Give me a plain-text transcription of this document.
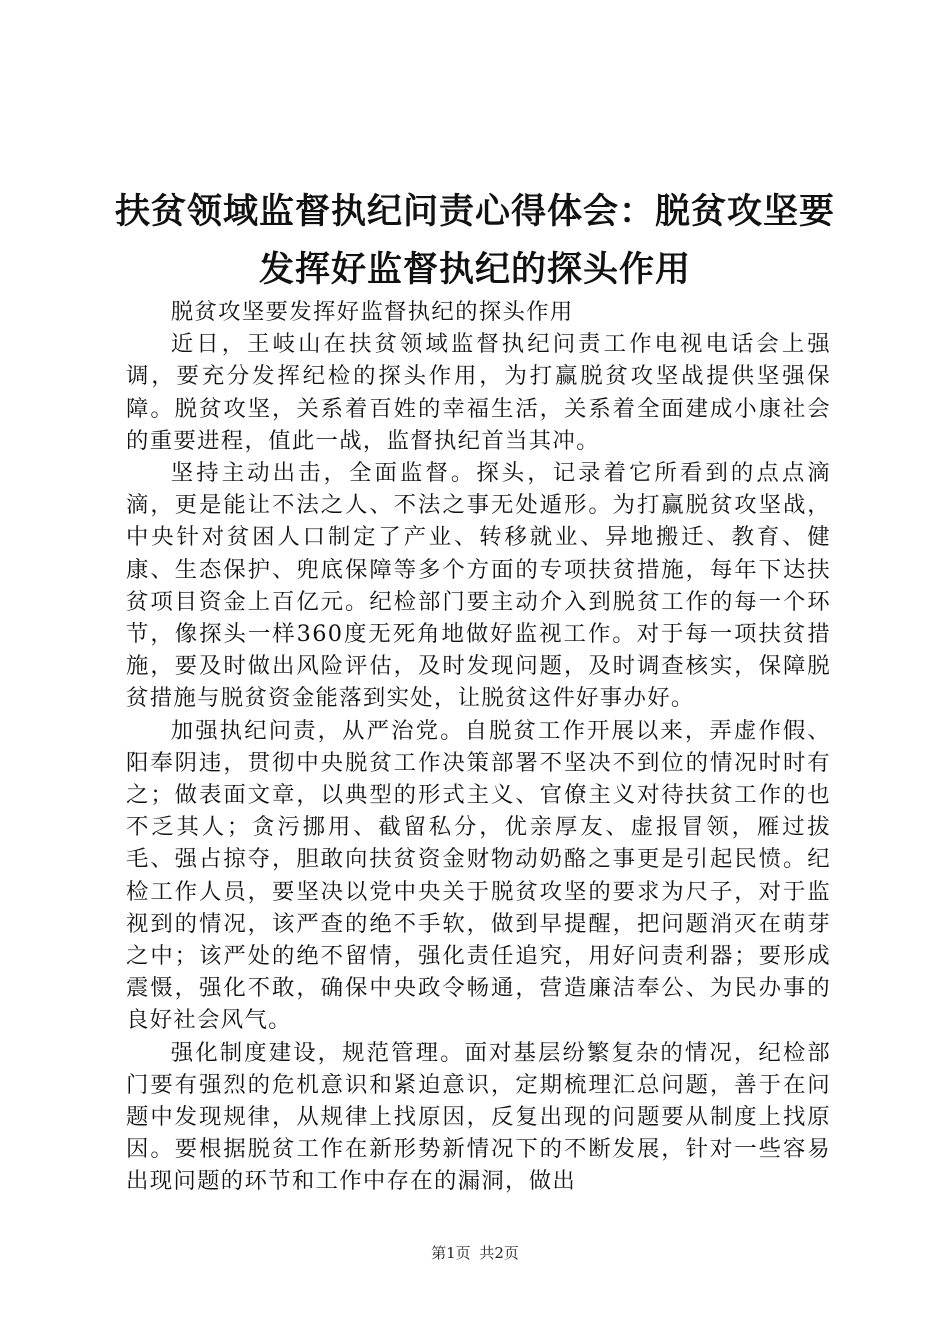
扶贫领域监督执纪问责心得体会：脱贫攻坚要
发挥好监督执纪的探头作用

脱贫攻坚要发挥好监督执纪的探头作用

近日，王岐山在扶贫领域监督执纪问责工作电视电话会上强调，要充分发挥纪检的探头作用，为打赢脱贫攻坚战提供坚强保障。脱贫攻坚，关系着百姓的幸福生活，关系着全面建成小康社会的重要进程，值此一战，监督执纪首当其冲。

坚持主动出击，全面监督。探头，记录着它所看到的点点滴滴，更是能让不法之人、不法之事无处遁形。为打赢脱贫攻坚战，中央针对贫困人口制定了产业、转移就业、异地搬迁、教育、健康、生态保护、兜底保障等多个方面的专项扶贫措施，每年下达扶贫项目资金上百亿元。纪检部门要主动介入到脱贫工作的每一个环节，像探头一样360度无死角地做好监视工作。对于每一项扶贫措施，要及时做出风险评估，及时发现问题，及时调查核实，保障脱贫措施与脱贫资金能落到实处，让脱贫这件好事办好。

加强执纪问责，从严治党。自脱贫工作开展以来，弄虚作假、阳奉阴违，贯彻中央脱贫工作决策部署不坚决不到位的情况时时有之；做表面文章，以典型的形式主义、官僚主义对待扶贫工作的也不乏其人；贪污挪用、截留私分，优亲厚友、虚报冒领，雁过拔毛、强占掠夺，胆敢向扶贫资金财物动奶酪之事更是引起民愤。纪检工作人员，要坚决以党中央关于脱贫攻坚的要求为尺子，对于监视到的情况，该严查的绝不手软，做到早提醒，把问题消灭在萌芽之中；该严处的绝不留情，强化责任追究，用好问责利器；要形成震慑，强化不敢，确保中央政令畅通，营造廉洁奉公、为民办事的良好社会风气。

强化制度建设，规范管理。面对基层纷繁复杂的情况，纪检部门要有强烈的危机意识和紧迫意识，定期梳理汇总问题，善于在问题中发现规律，从规律上找原因，反复出现的问题要从制度上找原因。要根据脱贫工作在新形势新情况下的不断发展，针对一些容易出现问题的环节和工作中存在的漏洞，做出

第1页 共2页
